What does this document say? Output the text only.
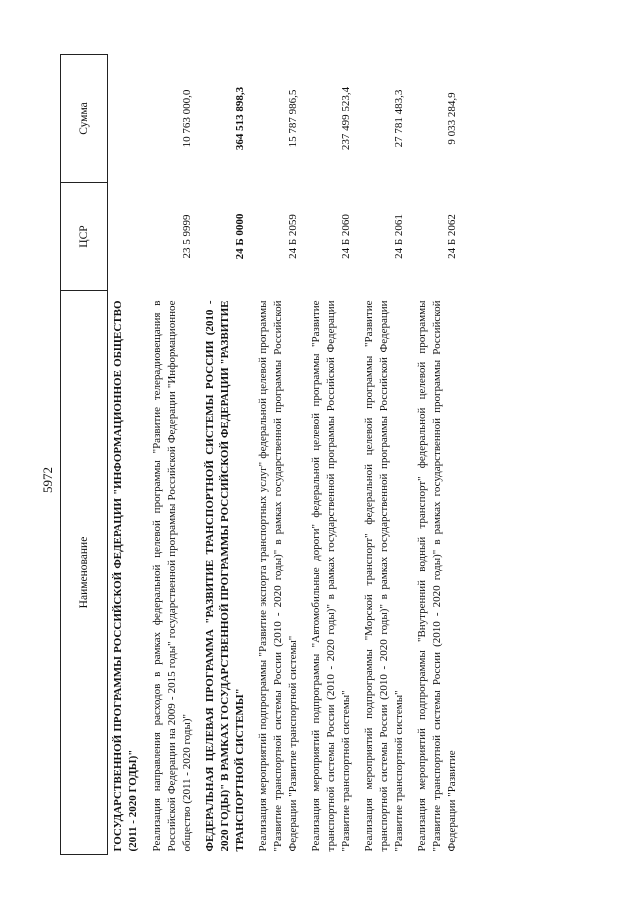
5972
Наименование	ЦСР	Сумма
ГОСУДАРСТВЕННОЙ ПРОГРАММЫ РОССИЙСКОЙ ФЕДЕРАЦИИ "ИНФОРМАЦИОННОЕ ОБЩЕСТВО (2011 - 2020 ГОДЫ)"		
Реализация направления расходов в рамках федеральной целевой программы "Развитие телерадиовещания в Российской Федерации на 2009 - 2015 годы" государственной программы Российской Федерации "Информационное общество (2011 - 2020 годы)"	23 5 9999	10 763 000,0
ФЕДЕРАЛЬНАЯ ЦЕЛЕВАЯ ПРОГРАММА "РАЗВИТИЕ ТРАНСПОРТНОЙ СИСТЕМЫ РОССИИ (2010 - 2020 ГОДЫ)" В РАМКАХ ГОСУДАРСТВЕННОЙ ПРОГРАММЫ РОССИЙСКОЙ ФЕДЕРАЦИИ "РАЗВИТИЕ ТРАНСПОРТНОЙ СИСТЕМЫ"	24 Б 0000	364 513 898,3
Реализация мероприятий подпрограммы "Развитие экспорта транспортных услуг" федеральной целевой программы "Развитие транспортной системы России (2010 - 2020 годы)" в рамках государственной программы Российской Федерации "Развитие транспортной системы"	24 Б 2059	15 787 986,5
Реализация мероприятий подпрограммы "Автомобильные дороги" федеральной целевой программы "Развитие транспортной системы России (2010 - 2020 годы)" в рамках государственной программы Российской Федерации "Развитие транспортной системы"	24 Б 2060	237 499 523,4
Реализация мероприятий подпрограммы "Морской транспорт" федеральной целевой программы "Развитие транспортной системы России (2010 - 2020 годы)" в рамках государственной программы Российской Федерации "Развитие транспортной системы"	24 Б 2061	27 781 483,3
Реализация мероприятий подпрограммы "Внутренний водный транспорт" федеральной целевой программы "Развитие транспортной системы России (2010 - 2020 годы)" в рамках государственной программы Российской Федерации "Развитие	24 Б 2062	9 033 284,9
